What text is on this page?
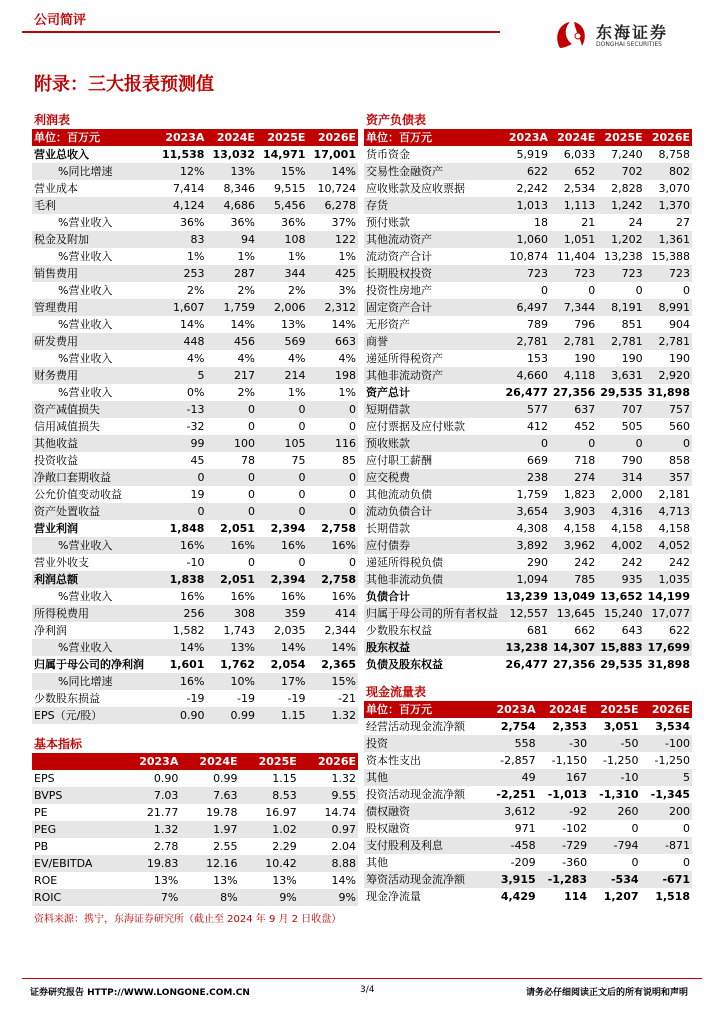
公司简评
东海证券
DONGHAI SECURITIES
附录：三大报表预测值
利润表				
单位：百万元	2023A	2024E	2025E	2026E
营业总收入	11,538	13,032	14,971	17,001
%同比增速	12%	13%	15%	14%
营业成本	7,414	8,346	9,515	10,724
毛利	4,124	4,686	5,456	6,278
%营业收入	36%	36%	36%	37%
税金及附加	83	94	108	122
%营业收入	1%	1%	1%	1%
销售费用	253	287	344	425
%营业收入	2%	2%	2%	3%
管理费用	1,607	1,759	2,006	2,312
%营业收入	14%	14%	13%	14%
研发费用	448	456	569	663
%营业收入	4%	4%	4%	4%
财务费用	5	217	214	198
%营业收入	0%	2%	1%	1%
资产减值损失	-13	0	0	0
信用减值损失	-32	0	0	0
其他收益	99	100	105	116
投资收益	45	78	75	85
净敞口套期收益	0	0	0	0
公允价值变动收益	19	0	0	0
资产处置收益	0	0	0	0
营业利润	1,848	2,051	2,394	2,758
%营业收入	16%	16%	16%	16%
营业外收支	-10	0	0	0
利润总额	1,838	2,051	2,394	2,758
%营业收入	16%	16%	16%	16%
所得税费用	256	308	359	414
净利润	1,582	1,743	2,035	2,344
%营业收入	14%	13%	14%	14%
归属于母公司的净利润	1,601	1,762	2,054	2,365
%同比增速	16%	10%	17%	15%
少数股东损益	-19	-19	-19	-21
EPS（元/股）	0.90	0.99	1.15	1.32
基本指标				
	2023A	2024E	2025E	2026E
EPS	0.90	0.99	1.15	1.32
BVPS	7.03	7.63	8.53	9.55
PE	21.77	19.78	16.97	14.74
PEG	1.32	1.97	1.02	0.97
PB	2.78	2.55	2.29	2.04
EV/EBITDA	19.83	12.16	10.42	8.88
ROE	13%	13%	13%	14%
ROIC	7%	8%	9%	9%
资产负债表				
单位：百万元	2023A	2024E	2025E	2026E
货币资金	5,919	6,033	7,240	8,758
交易性金融资产	622	652	702	802
应收账款及应收票据	2,242	2,534	2,828	3,070
存货	1,013	1,113	1,242	1,370
预付账款	18	21	24	27
其他流动资产	1,060	1,051	1,202	1,361
流动资产合计	10,874	11,404	13,238	15,388
长期股权投资	723	723	723	723
投资性房地产	0	0	0	0
固定资产合计	6,497	7,344	8,191	8,991
无形资产	789	796	851	904
商誉	2,781	2,781	2,781	2,781
递延所得税资产	153	190	190	190
其他非流动资产	4,660	4,118	3,631	2,920
资产总计	26,477	27,356	29,535	31,898
短期借款	577	637	707	757
应付票据及应付账款	412	452	505	560
预收账款	0	0	0	0
应付职工薪酬	669	718	790	858
应交税费	238	274	314	357
其他流动负债	1,759	1,823	2,000	2,181
流动负债合计	3,654	3,903	4,316	4,713
长期借款	4,308	4,158	4,158	4,158
应付债券	3,892	3,962	4,002	4,052
递延所得税负债	290	242	242	242
其他非流动负债	1,094	785	935	1,035
负债合计	13,239	13,049	13,652	14,199
归属于母公司的所有者权益	12,557	13,645	15,240	17,077
少数股东权益	681	662	643	622
股东权益	13,238	14,307	15,883	17,699
负债及股东权益	26,477	27,356	29,535	31,898
现金流量表				
单位：百万元	2023A	2024E	2025E	2026E
经营活动现金流净额	2,754	2,353	3,051	3,534
投资	558	-30	-50	-100
资本性支出	-2,857	-1,150	-1,250	-1,250
其他	49	167	-10	5
投资活动现金流净额	-2,251	-1,013	-1,310	-1,345
债权融资	3,612	-92	260	200
股权融资	971	-102	0	0
支付股利及利息	-458	-729	-794	-871
其他	-209	-360	0	0
筹资活动现金流净额	3,915	-1,283	-534	-671
现金净流量	4,429	114	1,207	1,518
资料来源：携宁，东海证券研究所（截止至 2024 年 9 月 2 日收盘）
证券研究报告 HTTP://WWW.LONGONE.COM.CN	3/4	请务必仔细阅读正文后的所有说明和声明
